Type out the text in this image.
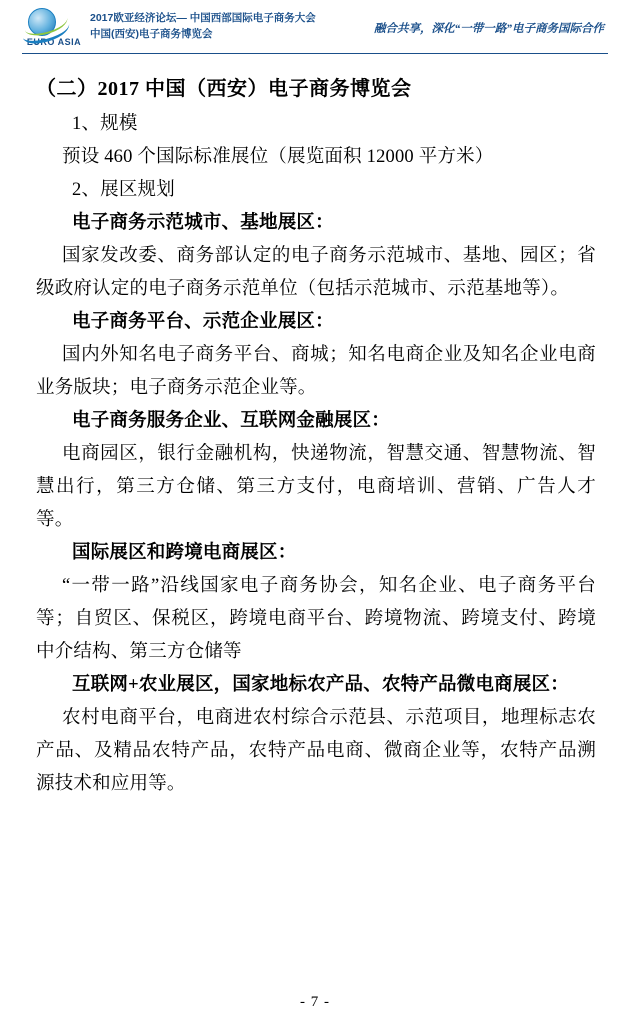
EURO ASIA
2017欧亚经济论坛— 中国西部国际电子商务大会
中国(西安)电子商务博览会	融合共享，深化“一带一路”电子商务国际合作
（二）2017 中国（西安）电子商务博览会

1、规模

预设 460 个国际标准展位（展览面积 12000 平方米）

2、展区规划

电子商务示范城市、基地展区：

国家发改委、商务部认定的电子商务示范城市、基地、园区；省级政府认定的电子商务示范单位（包括示范城市、示范基地等）。

电子商务平台、示范企业展区：

国内外知名电子商务平台、商城；知名电商企业及知名企业电商业务版块；电子商务示范企业等。

电子商务服务企业、互联网金融展区：

电商园区，银行金融机构，快递物流，智慧交通、智慧物流、智慧出行，第三方仓储、第三方支付，电商培训、营销、广告人才等。

国际展区和跨境电商展区：

“一带一路”沿线国家电子商务协会，知名企业、电子商务平台等；自贸区、保税区，跨境电商平台、跨境物流、跨境支付、跨境中介结构、第三方仓储等

互联网+农业展区，国家地标农产品、农特产品微电商展区：

农村电商平台，电商进农村综合示范县、示范项目，地理标志农产品、及精品农特产品，农特产品电商、微商企业等，农特产品溯源技术和应用等。

- 7 -
